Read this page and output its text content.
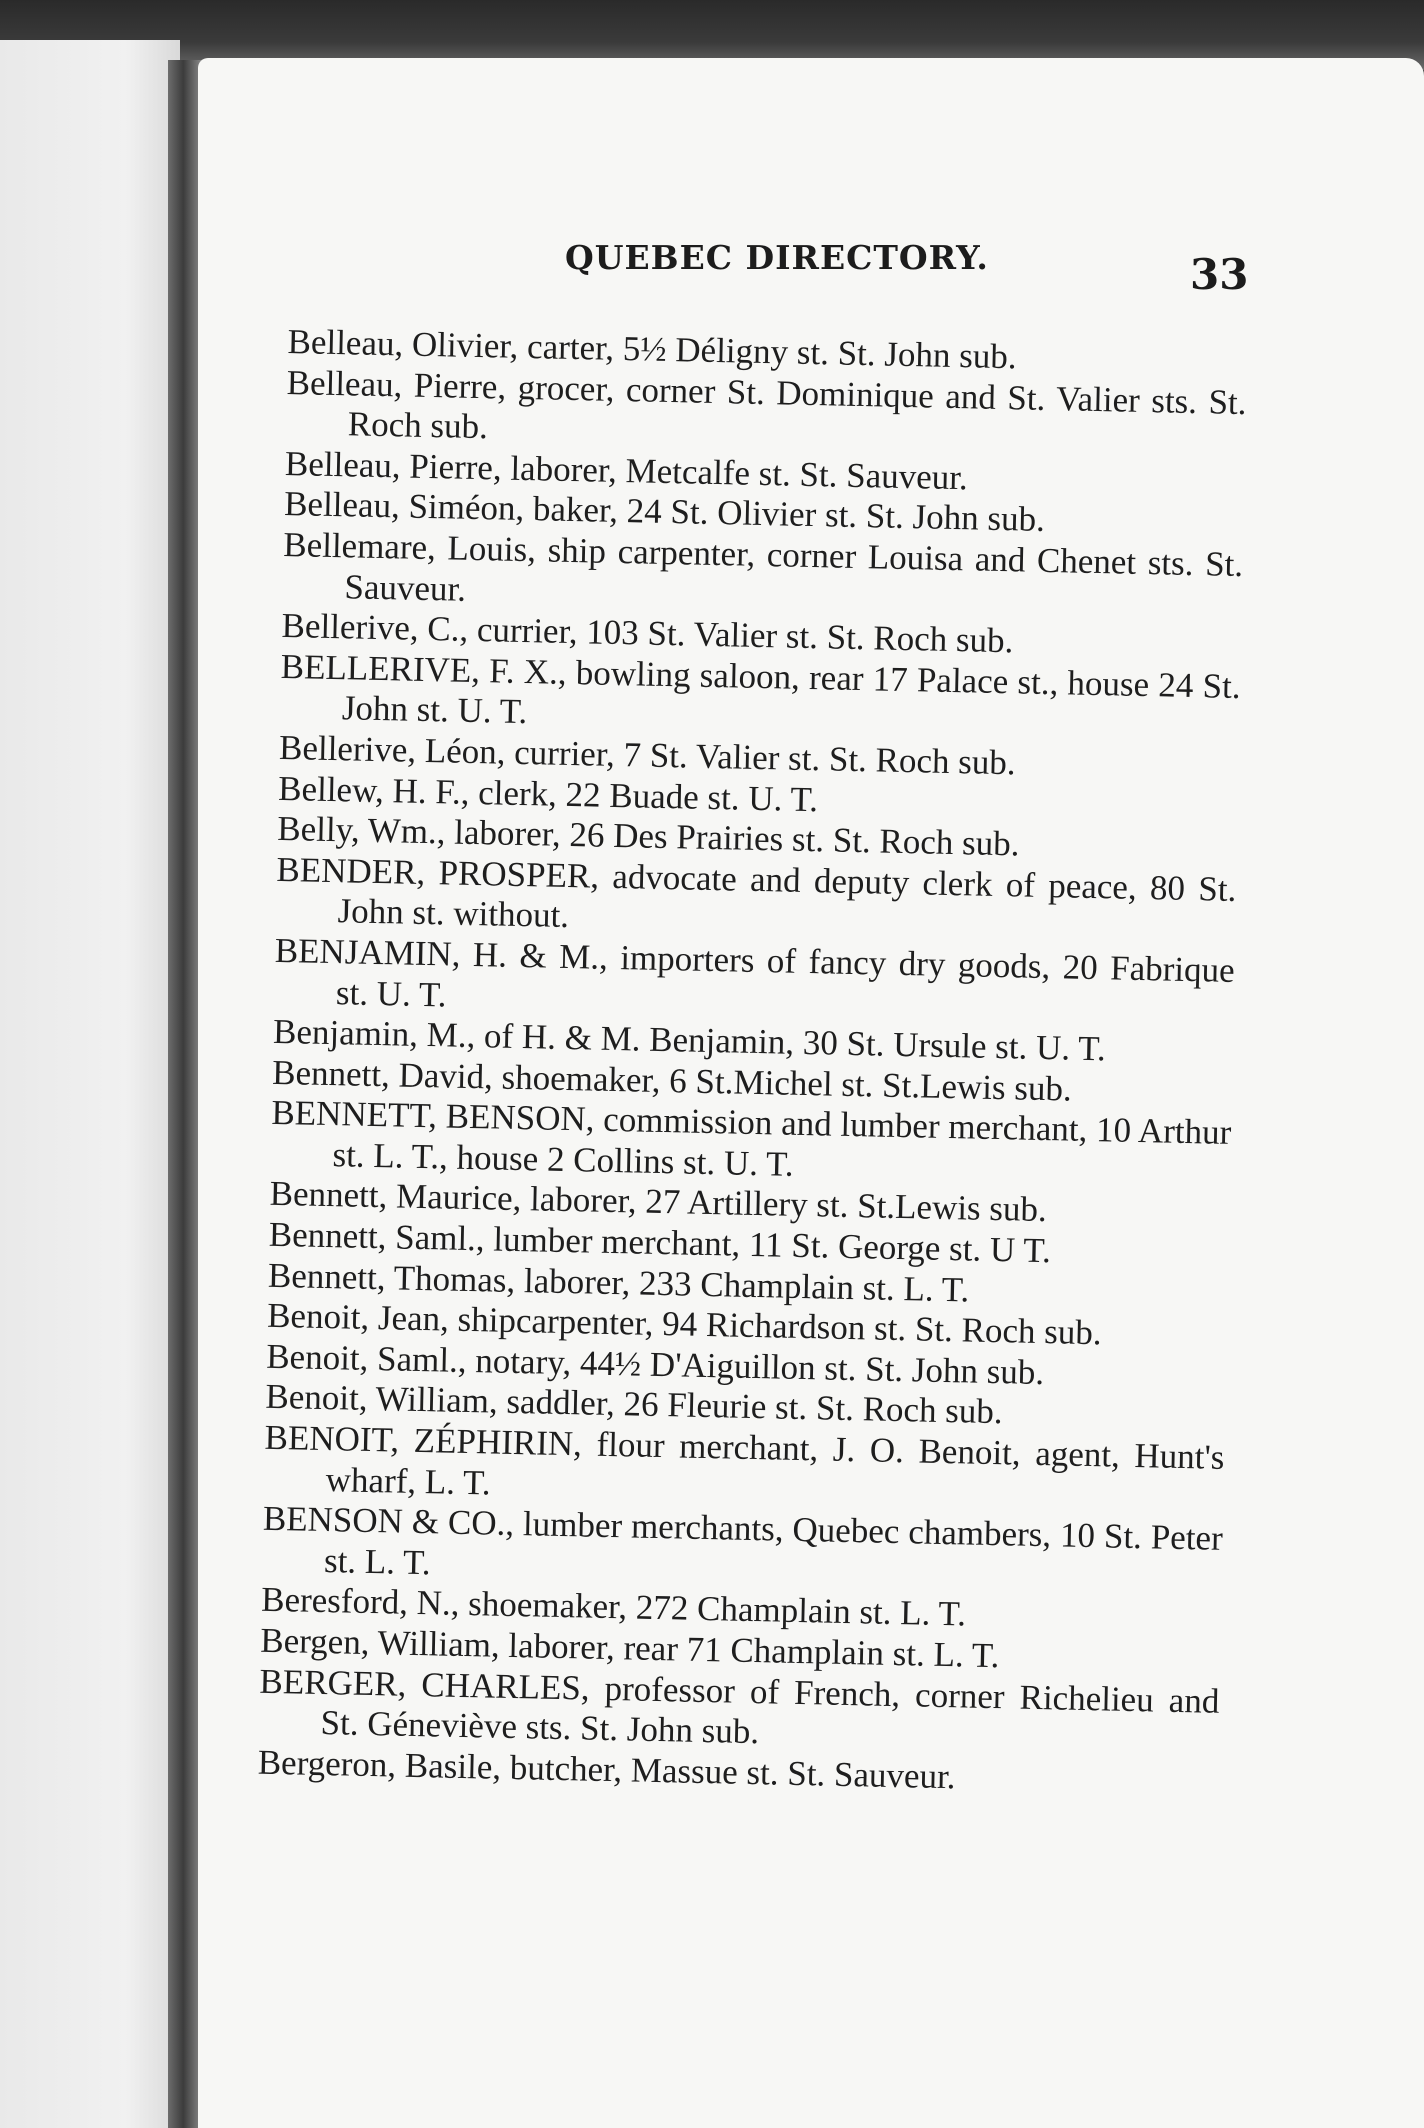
QUEBEC DIRECTORY.	33

Belleau, Olivier, carter, 5½ Déligny st. St. John sub.

Belleau, Pierre, grocer, corner St. Dominique and St. Valier sts. St. Roch sub.

Belleau, Pierre, laborer, Metcalfe st. St. Sauveur.

Belleau, Siméon, baker, 24 St. Olivier st. St. John sub.

Bellemare, Louis, ship carpenter, corner Louisa and Chenet sts. St. Sauveur.

Bellerive, C., currier, 103 St. Valier st. St. Roch sub.

BELLERIVE, F. X., bowling saloon, rear 17 Palace st., house 24 St. John st. U. T.

Bellerive, Léon, currier, 7 St. Valier st. St. Roch sub.

Bellew, H. F., clerk, 22 Buade st. U. T.

Belly, Wm., laborer, 26 Des Prairies st. St. Roch sub.

BENDER, PROSPER, advocate and deputy clerk of peace, 80 St. John st. without.

BENJAMIN, H. & M., importers of fancy dry goods, 20 Fabrique st. U. T.

Benjamin, M., of H. & M. Benjamin, 30 St. Ursule st. U. T.

Bennett, David, shoemaker, 6 St.Michel st. St.Lewis sub.

BENNETT, BENSON, commission and lumber merchant, 10 Arthur st. L. T., house 2 Collins st. U. T.

Bennett, Maurice, laborer, 27 Artillery st. St.Lewis sub.

Bennett, Saml., lumber merchant, 11 St. George st. U T.

Bennett, Thomas, laborer, 233 Champlain st. L. T.

Benoit, Jean, shipcarpenter, 94 Richardson st. St. Roch sub.

Benoit, Saml., notary, 44½ D'Aiguillon st. St. John sub.

Benoit, William, saddler, 26 Fleurie st. St. Roch sub.

BENOIT, ZÉPHIRIN, flour merchant, J. O. Benoit, agent, Hunt's wharf, L. T.

BENSON & CO., lumber merchants, Quebec chambers, 10 St. Peter st. L. T.

Beresford, N., shoemaker, 272 Champlain st. L. T.

Bergen, William, laborer, rear 71 Champlain st. L. T.

BERGER, CHARLES, professor of French, corner Richelieu and St. Géneviève sts. St. John sub.

Bergeron, Basile, butcher, Massue st. St. Sauveur.
